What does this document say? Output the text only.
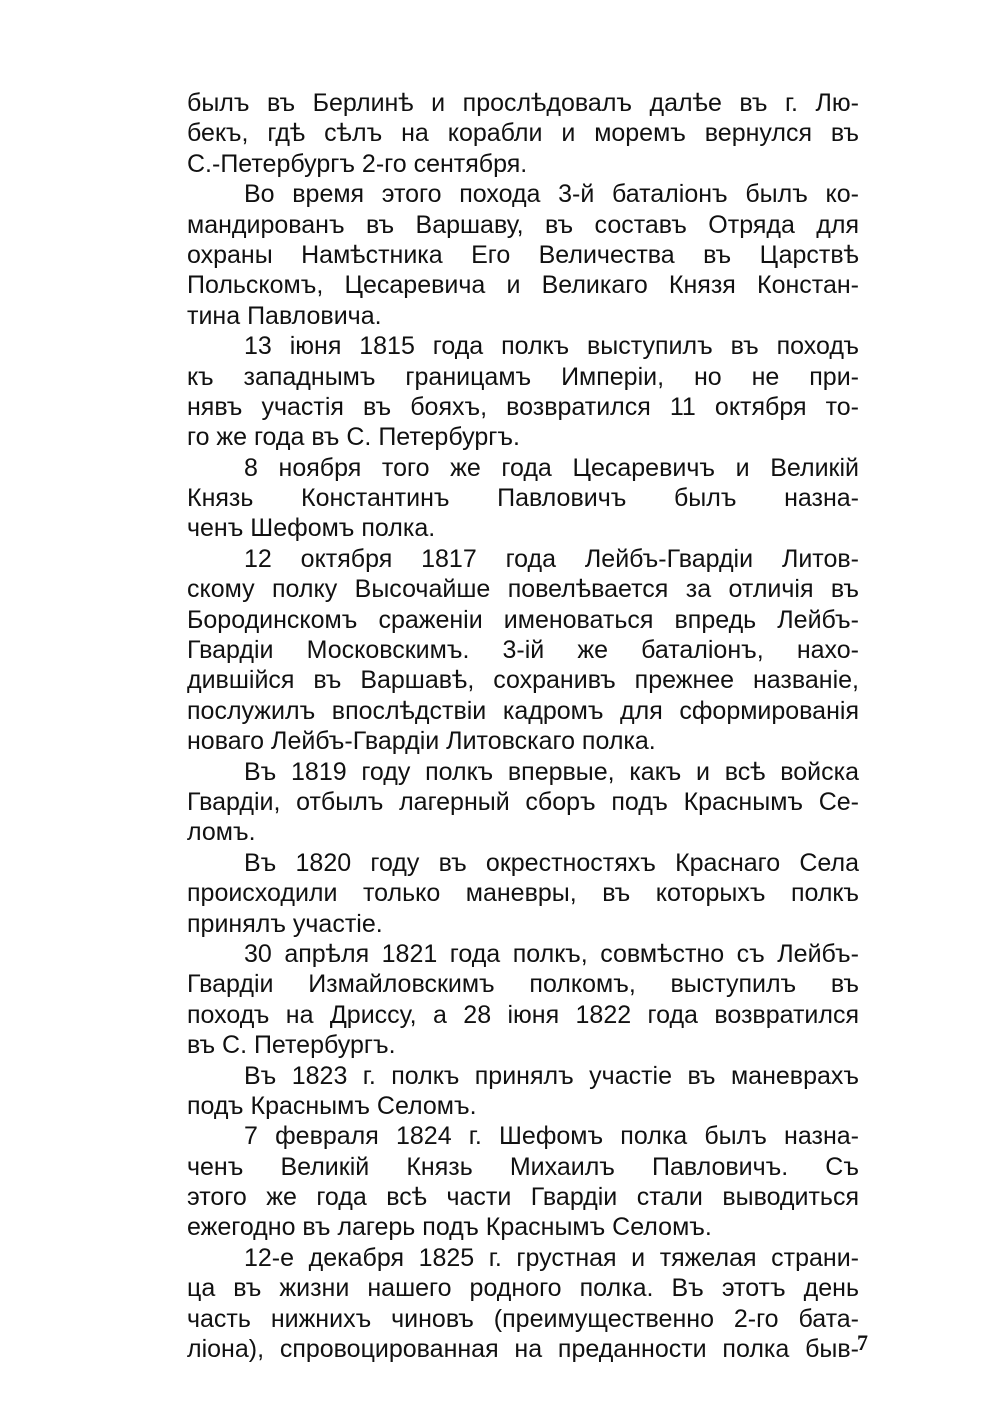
былъ въ Берлинѣ и прослѣдовалъ далѣе въ г. Лю-
бекъ, гдѣ сѣлъ на корабли и моремъ вернулся въ
С.-Петербургъ 2-го сентября.
Во время этого похода 3-й баталіонъ былъ ко-
мандированъ въ Варшаву, въ составъ Отряда для
охраны Намѣстника Его Величества въ Царствѣ
Польскомъ, Цесаревича и Великаго Князя Констан-
тина Павловича.
13 іюня 1815 года полкъ выступилъ въ походъ
къ западнымъ границамъ Имперіи, но не при-
нявъ участія въ бояхъ, возвратился 11 октября то-
го же года въ С. Петербургъ.
8 ноября того же года Цесаревичъ и Великій
Князь Константинъ Павловичъ былъ назна-
ченъ Шефомъ полка.
12 октября 1817 года Лейбъ-Гвардіи Литов-
скому полку Высочайше повелѣвается за отличія въ
Бородинскомъ сраженіи именоваться впредь Лейбъ-
Гвардіи Московскимъ. 3-ій же баталіонъ, нахо-
дившійся въ Варшавѣ, сохранивъ прежнее названіе,
послужилъ впослѣдствіи кадромъ для сформированія
новаго Лейбъ-Гвардіи Литовскаго полка.
Въ 1819 году полкъ впервые, какъ и всѣ войска
Гвардіи, отбылъ лагерный сборъ подъ Краснымъ Се-
ломъ.
Въ 1820 году въ окрестностяхъ Краснаго Села
происходили только маневры, въ которыхъ полкъ
принялъ участіе.
30 апрѣля 1821 года полкъ, совмѣстно съ Лейбъ-
Гвардіи Измайловскимъ полкомъ, выступилъ въ
походъ на Дриссу, а 28 іюня 1822 года возвратился
въ С. Петербургъ.
Въ 1823 г. полкъ принялъ участіе въ маневрахъ
подъ Краснымъ Селомъ.
7 февраля 1824 г. Шефомъ полка былъ назна-
ченъ Великій Князь Михаилъ Павловичъ. Съ
этого же года всѣ части Гвардіи стали выводиться
ежегодно въ лагерь подъ Краснымъ Селомъ.
12-е декабря 1825 г. грустная и тяжелая страни-
ца въ жизни нашего родного полка. Въ этотъ день
часть нижнихъ чиновъ (преимущественно 2-го бата-
ліона), спровоцированная на преданности полка быв-
7
